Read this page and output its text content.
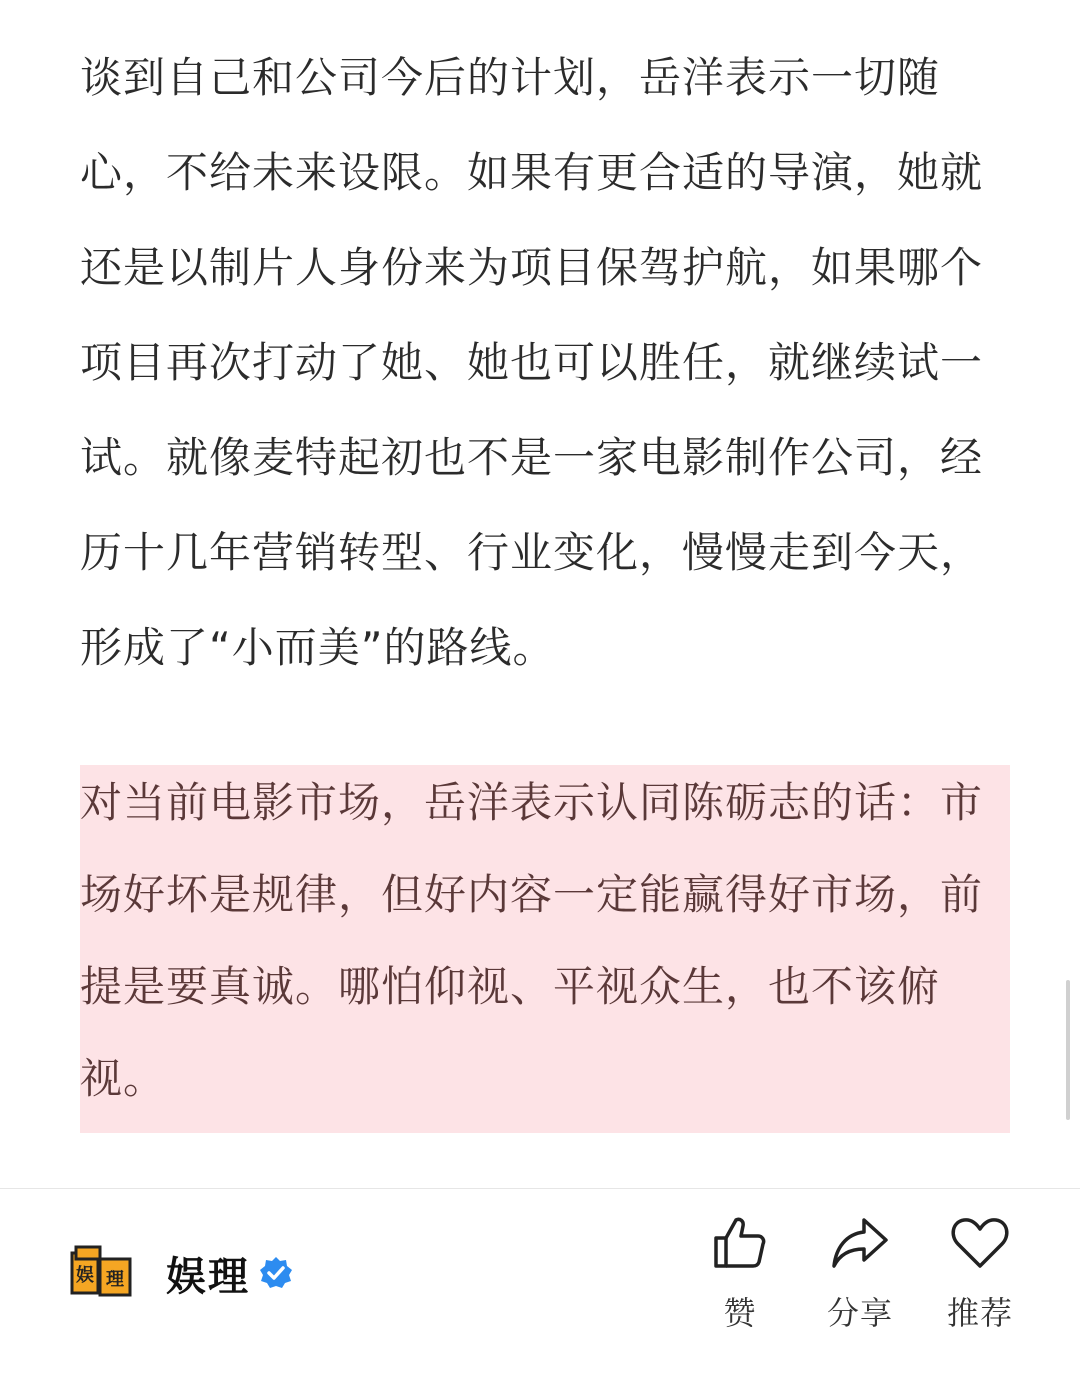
谈到自己和公司今后的计划，岳洋表示一切随心，不给未来设限。如果有更合适的导演，她就还是以制片人身份来为项目保驾护航，如果哪个项目再次打动了她、她也可以胜任，就继续试一试。就像麦特起初也不是一家电影制作公司，经历十几年营销转型、行业变化，慢慢走到今天，形成了“小而美”的路线。

对当前电影市场，岳洋表示认同陈砺志的话：市场好坏是规律，但好内容一定能赢得好市场，前提是要真诚。哪怕仰视、平视众生，也不该俯视。

娱 理 娱理
赞 分享 推荐
